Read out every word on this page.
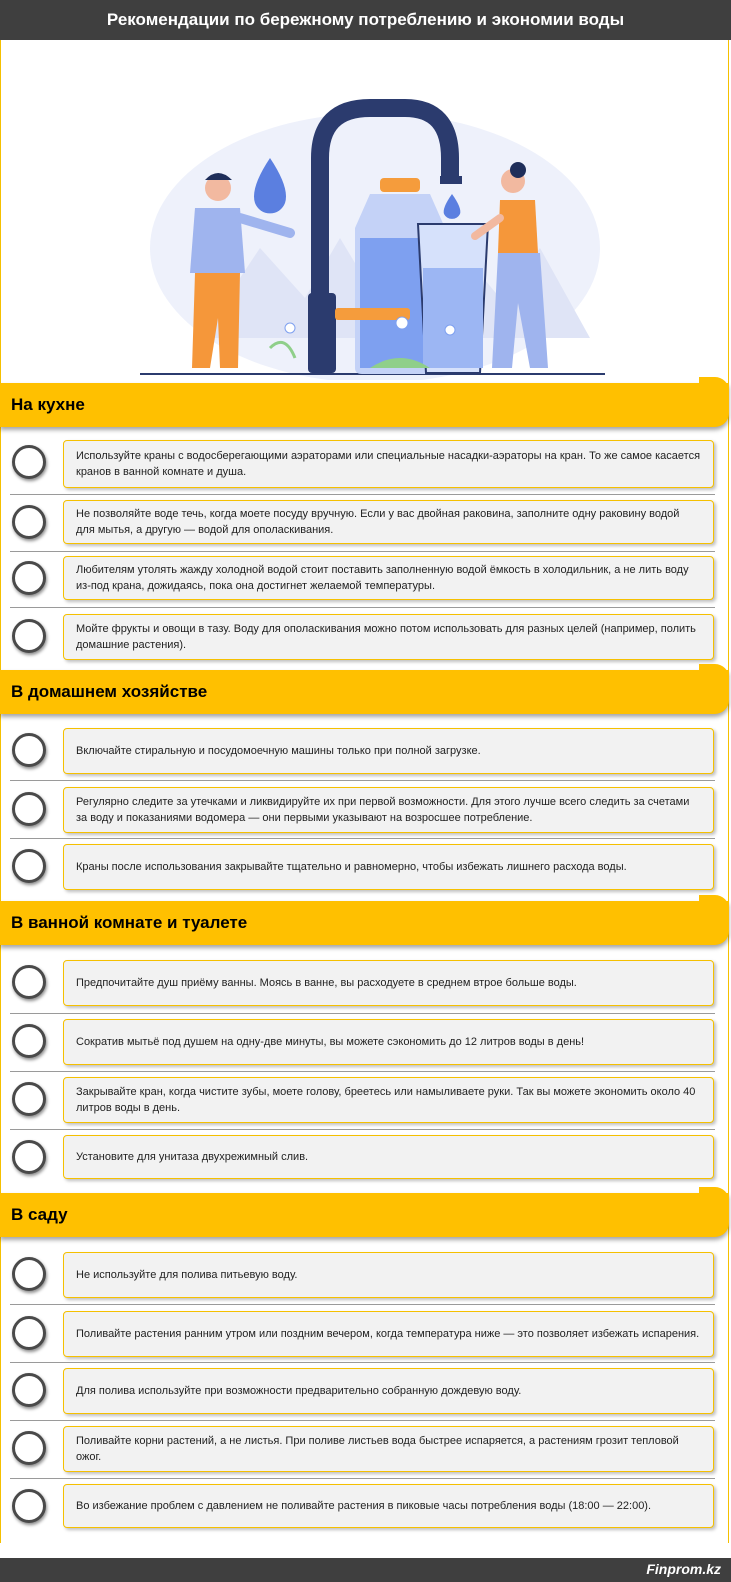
Рекомендации по бережному потреблению и экономии воды
На кухне
Используйте краны с водосберегающими аэраторами или специальные насадки-аэраторы на кран. То же самое касается кранов в ванной комнате и душа.
Не позволяйте воде течь, когда моете посуду вручную. Если у вас двойная раковина, заполните одну раковину водой для мытья, а другую — водой для ополаскивания.
Любителям утолять жажду холодной водой стоит поставить заполненную водой ёмкость в холодильник, а не лить воду из-под крана, дожидаясь, пока она достигнет желаемой температуры.
Мойте фрукты и овощи в тазу. Воду для ополаскивания можно потом использовать для разных целей (например, полить домашние растения).
В домашнем хозяйстве
Включайте стиральную и посудомоечную машины только при полной загрузке.
Регулярно следите за утечками и ликвидируйте их при первой возможности. Для этого лучше всего следить за счетами за воду и показаниями водомера — они первыми указывают на возросшее потребление.
Краны после использования закрывайте тщательно и равномерно, чтобы избежать лишнего расхода воды.
В ванной комнате и туалете
Предпочитайте душ приёму ванны. Моясь в ванне, вы расходуете в среднем втрое больше воды.
Сократив мытьё под душем на одну-две минуты, вы можете сэкономить до 12 литров воды в день!
Закрывайте кран, когда чистите зубы, моете голову, бреетесь или намыливаете руки. Так вы можете экономить около 40 литров воды в день.
Установите для унитаза двухрежимный слив.
В саду
Не используйте для полива питьевую воду.
Поливайте растения ранним утром или поздним вечером, когда температура ниже — это позволяет избежать испарения.
Для полива используйте при возможности предварительно собранную дождевую воду.
Поливайте корни растений, а не листья. При поливе листьев вода быстрее испаряется, а растениям грозит тепловой ожог.
Во избежание проблем с давлением не поливайте растения в пиковые часы потребления воды (18:00 — 22:00).
Finprom.kz
